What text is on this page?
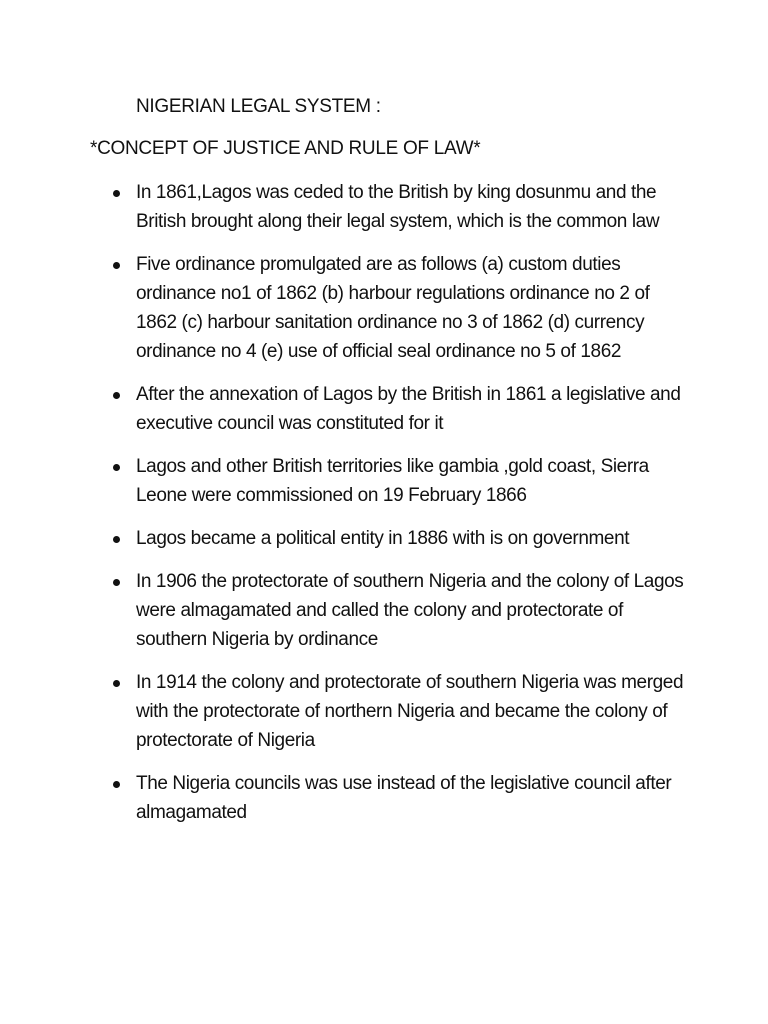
NIGERIAN LEGAL SYSTEM :
*CONCEPT OF JUSTICE AND RULE OF LAW*
In 1861,Lagos was ceded to the British by king dosunmu and the British brought along their legal system, which is the common law
Five ordinance promulgated are as follows (a) custom duties ordinance no1 of 1862 (b) harbour regulations ordinance no 2 of 1862 (c) harbour sanitation ordinance no 3 of 1862 (d) currency ordinance no 4 (e) use of official seal ordinance no 5 of 1862
After the annexation of Lagos by the British in 1861 a legislative and executive council was constituted for it
Lagos and other British territories like gambia ,gold coast, Sierra Leone were commissioned on 19 February 1866
Lagos became a political entity in 1886 with is on government
In 1906 the protectorate of southern Nigeria and the colony of Lagos were almagamated and called the colony and protectorate of southern Nigeria by ordinance
In 1914 the colony and protectorate of southern Nigeria was merged with the protectorate of northern Nigeria and became the colony of protectorate of Nigeria
The Nigeria councils was use instead of the legislative council after almagamated
